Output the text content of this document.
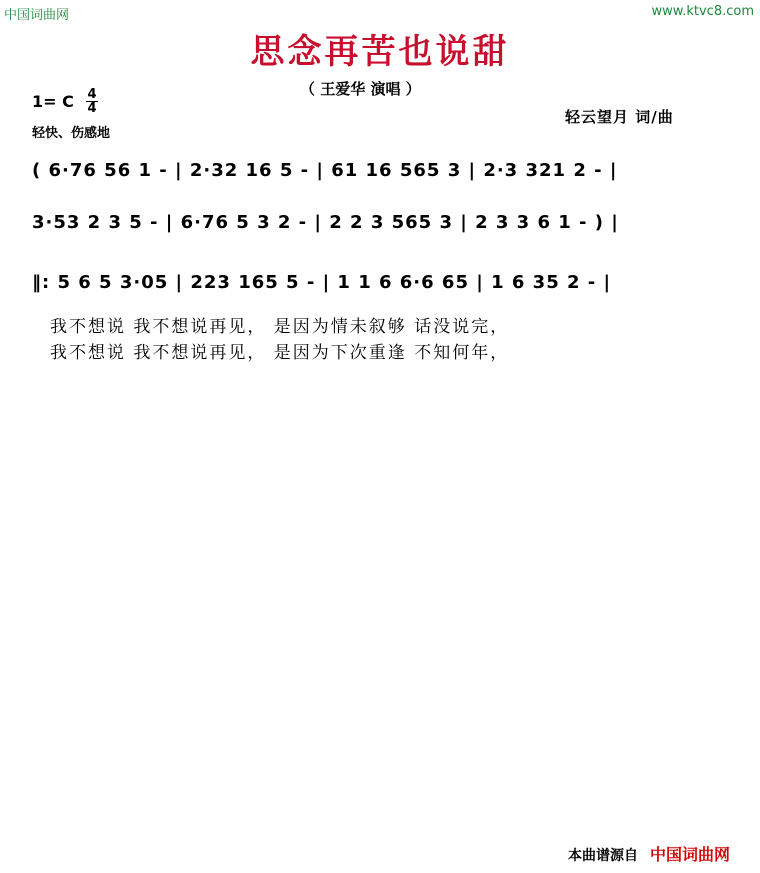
中国词曲网	www.ktvc8.com
思念再苦也说甜
（ 王爱华 演唱 ）
1= C 4
4
轻快、伤感地
轻云望月 词/曲
( 6·76 56 1 - | 2·32 16 5 - | 61 16 565 3 | 2·3 321 2 - |
3·53 2 3 5 - | 6·76 5 3 2 - | 2 2 3 565 3 | 2 3 3 6 1 - ) |
‖: 5 6 5 3·05 | 223 165 5 - | 1 1 6 6·6 65 | 1 6 35 2 - |
我不想说 我不想说再见， 是因为情未叙够 话没说完，
我不想说 我不想说再见， 是因为下次重逢 不知何年，
本曲谱源自 中国词曲网
